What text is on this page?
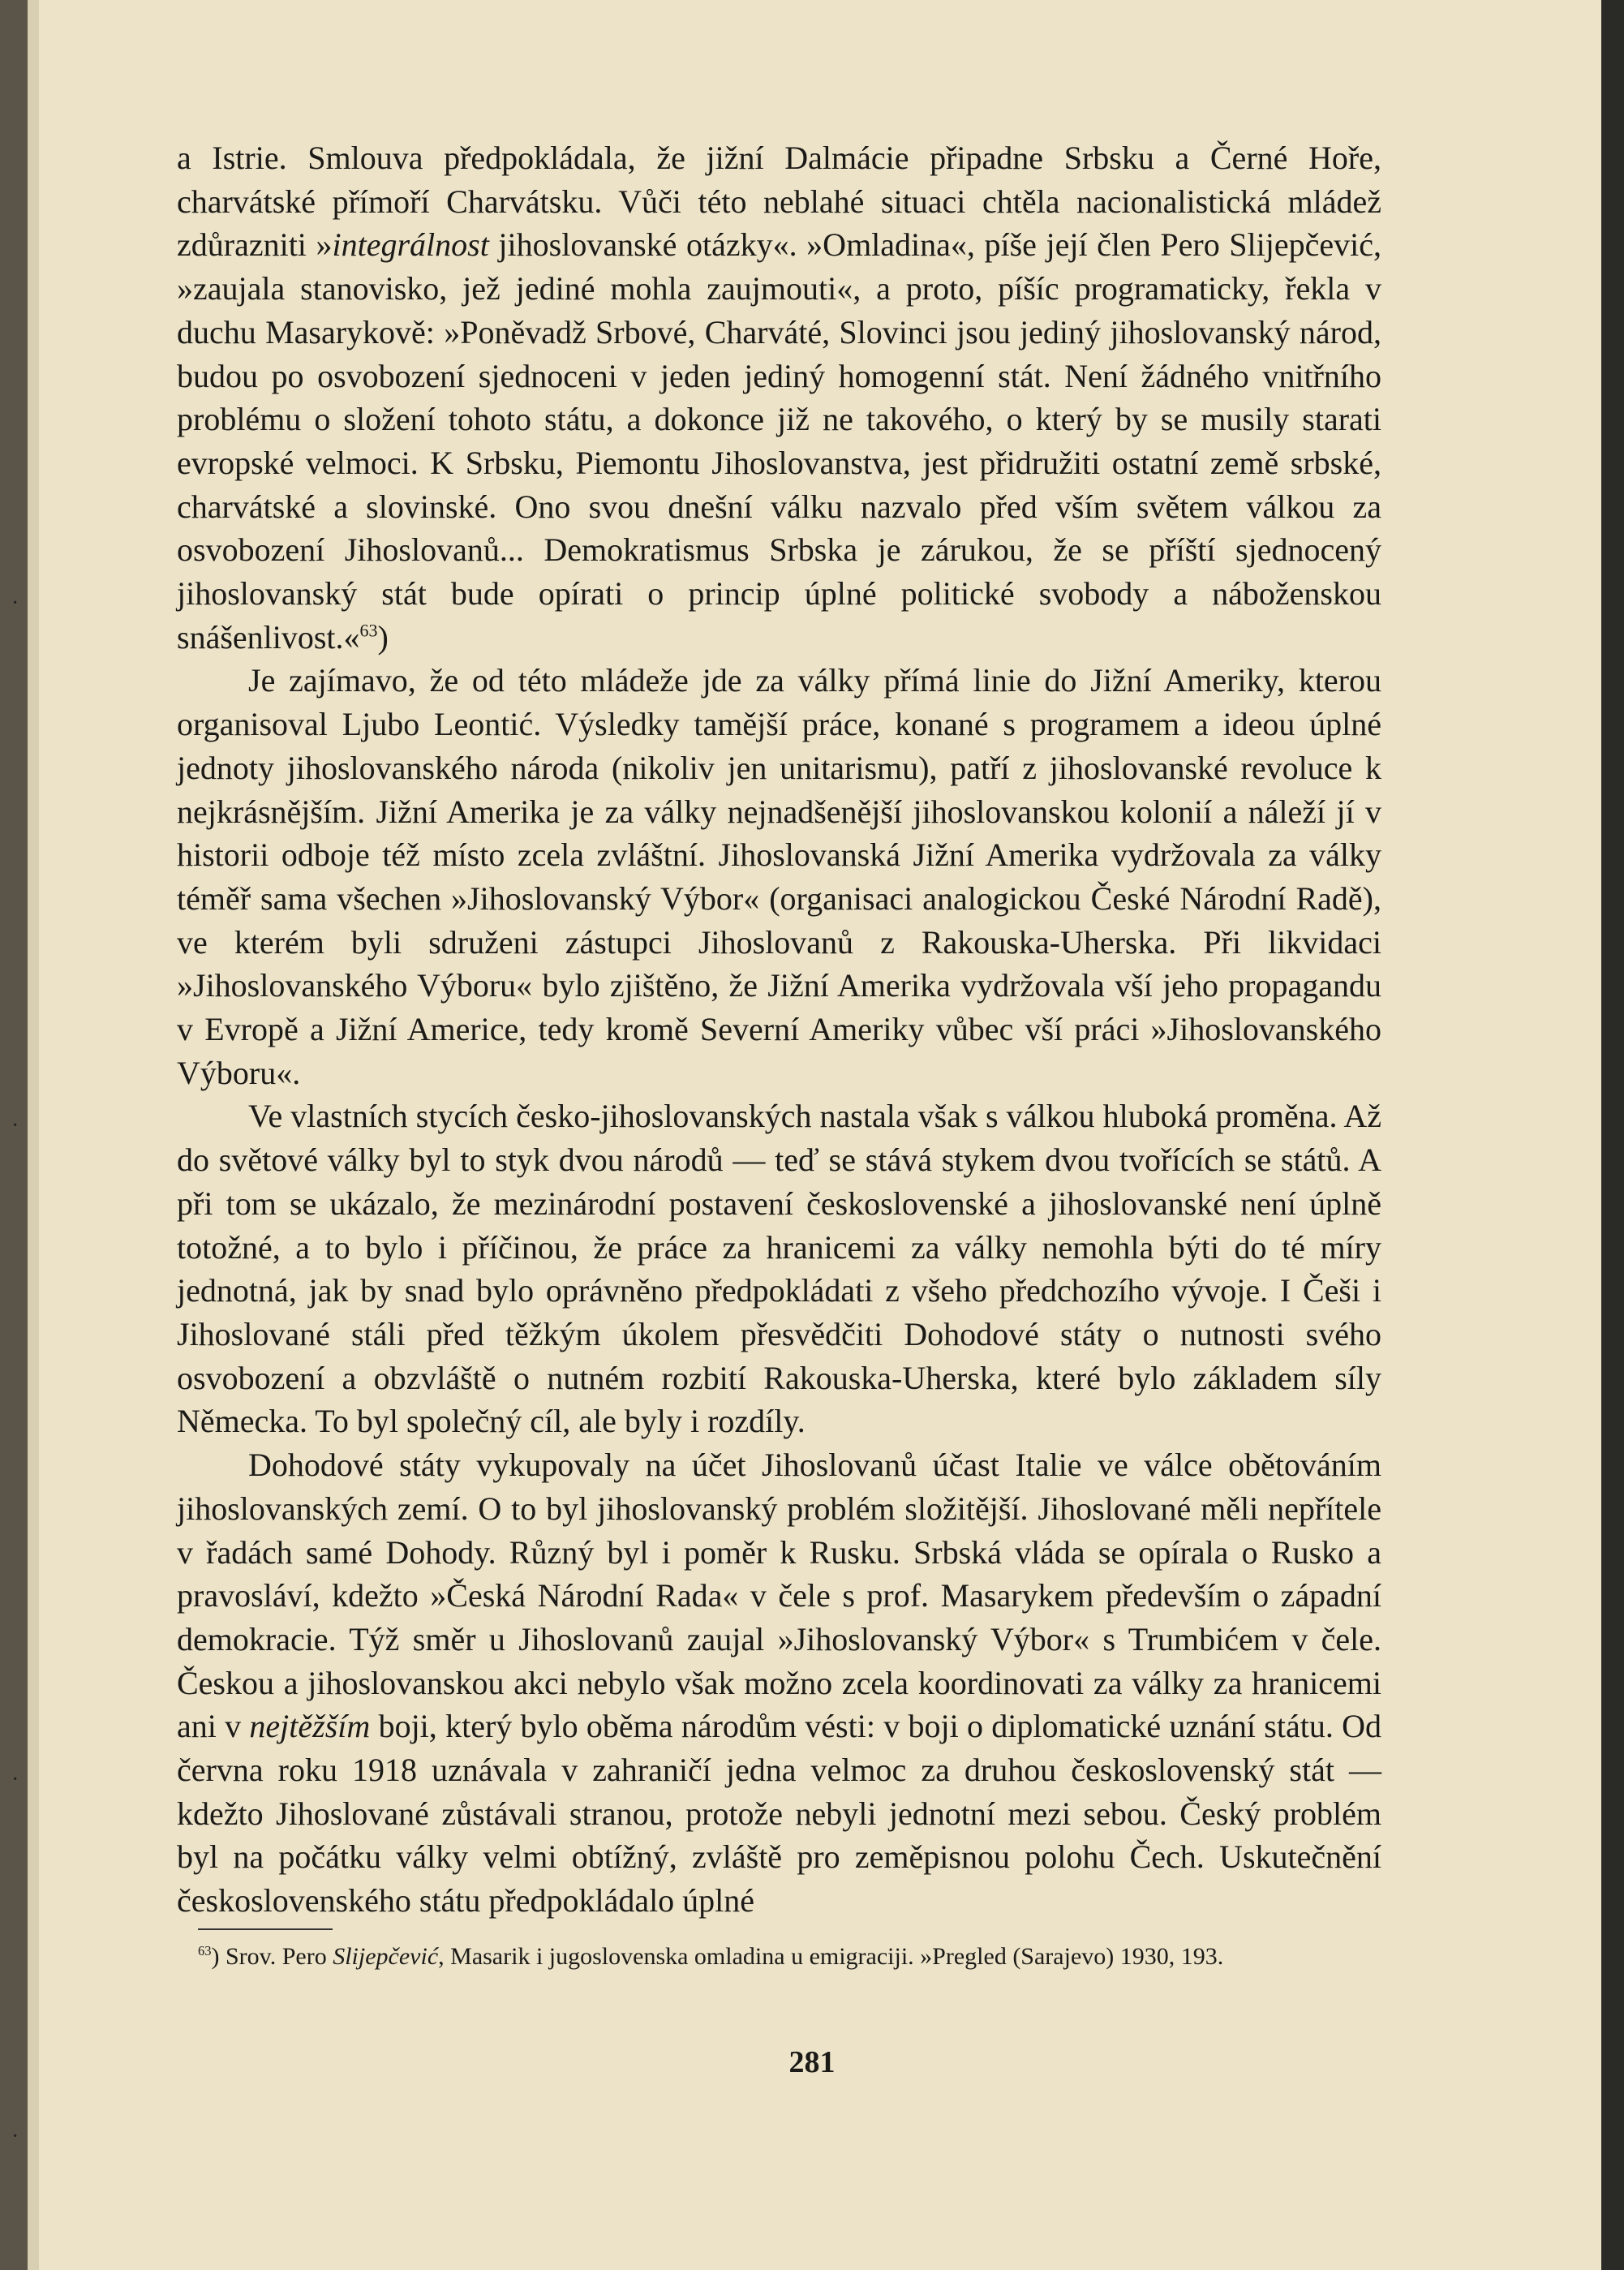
·
·
·
·

a Istrie. Smlouva předpokládala, že jižní Dalmácie připadne Srbsku a Černé Hoře, charvátské přímoří Charvátsku. Vůči této neblahé situaci chtěla nacionalistická mládež zdůrazniti »integrálnost jihoslovanské otázky«. »Omladina«, píše její člen Pero Slijepčević, »zaujala stanovisko, jež jediné mohla zaujmouti«, a proto, píšíc programaticky, řekla v duchu Masarykově: »Poněvadž Srbové, Charváté, Slovinci jsou jediný jihoslovanský národ, budou po osvobození sjednoceni v jeden jediný homogenní stát. Není žádného vnitřního problému o složení tohoto státu, a dokonce již ne takového, o který by se musily starati evropské velmoci. K Srbsku, Piemontu Jihoslovanstva, jest přidružiti ostatní země srbské, charvátské a slovinské. Ono svou dnešní válku nazvalo před vším světem válkou za osvobození Jihoslovanů... Demokratismus Srbska je zárukou, že se příští sjednocený jihoslovanský stát bude opírati o princip úplné politické svobody a náboženskou snášenlivost.«$^{63}$)

Je zajímavo, že od této mládeže jde za války přímá linie do Jižní Ameriky, kterou organisoval Ljubo Leontić. Výsledky tamější práce, konané s programem a ideou úplné jednoty jihoslovanského národa (nikoliv jen unitarismu), patří z jihoslovanské revoluce k nejkrásnějším. Jižní Amerika je za války nejnadšenější jihoslovanskou kolonií a náleží jí v historii odboje též místo zcela zvláštní. Jihoslovanská Jižní Amerika vydržovala za války téměř sama všechen »Jihoslovanský Výbor« (organisaci analogickou České Národní Radě), ve kterém byli sdruženi zástupci Jihoslovanů z Rakouska-Uherska. Při likvidaci »Jihoslovanského Výboru« bylo zjištěno, že Jižní Amerika vydržovala vší jeho propagandu v Evropě a Jižní Americe, tedy kromě Severní Ameriky vůbec vší práci »Jihoslovanského Výboru«.

Ve vlastních stycích česko-jihoslovanských nastala však s válkou hluboká proměna. Až do světové války byl to styk dvou národů — teď se stává stykem dvou tvořících se států. A při tom se ukázalo, že mezinárodní postavení československé a jihoslovanské není úplně totožné, a to bylo i příčinou, že práce za hranicemi za války nemohla býti do té míry jednotná, jak by snad bylo oprávněno předpokládati z všeho předchozího vývoje. I Češi i Jihoslované stáli před těžkým úkolem přesvědčiti Dohodové státy o nutnosti svého osvobození a obzvláště o nutném rozbití Rakouska-Uherska, které bylo základem síly Německa. To byl společný cíl, ale byly i rozdíly.

Dohodové státy vykupovaly na účet Jihoslovanů účast Italie ve válce obětováním jihoslovanských zemí. O to byl jihoslovanský problém složitější. Jihoslované měli nepřítele v řadách samé Dohody. Různý byl i poměr k Rusku. Srbská vláda se opírala o Rusko a pravosláví, kdežto »Česká Národní Rada« v čele s prof. Masarykem především o západní demokracie. Týž směr u Jihoslovanů zaujal »Jihoslovanský Výbor« s Trumbićem v čele. Českou a jihoslovanskou akci nebylo však možno zcela koordinovati za války za hranicemi ani v nejtěžším boji, který bylo oběma národům vésti: v boji o diplomatické uznání státu. Od června roku 1918 uznávala v zahraničí jedna velmoc za druhou československý stát — kdežto Jihoslované zůstávali stranou, protože nebyli jednotní mezi sebou. Český problém byl na počátku války velmi obtížný, zvláště pro zeměpisnou polohu Čech. Uskutečnění československého státu předpokládalo úplné

$^{63}$) Srov. Pero Slijepčević, Masarik i jugoslovenska omladina u emigraciji. »Pregled (Sarajevo) 1930, 193.

281
